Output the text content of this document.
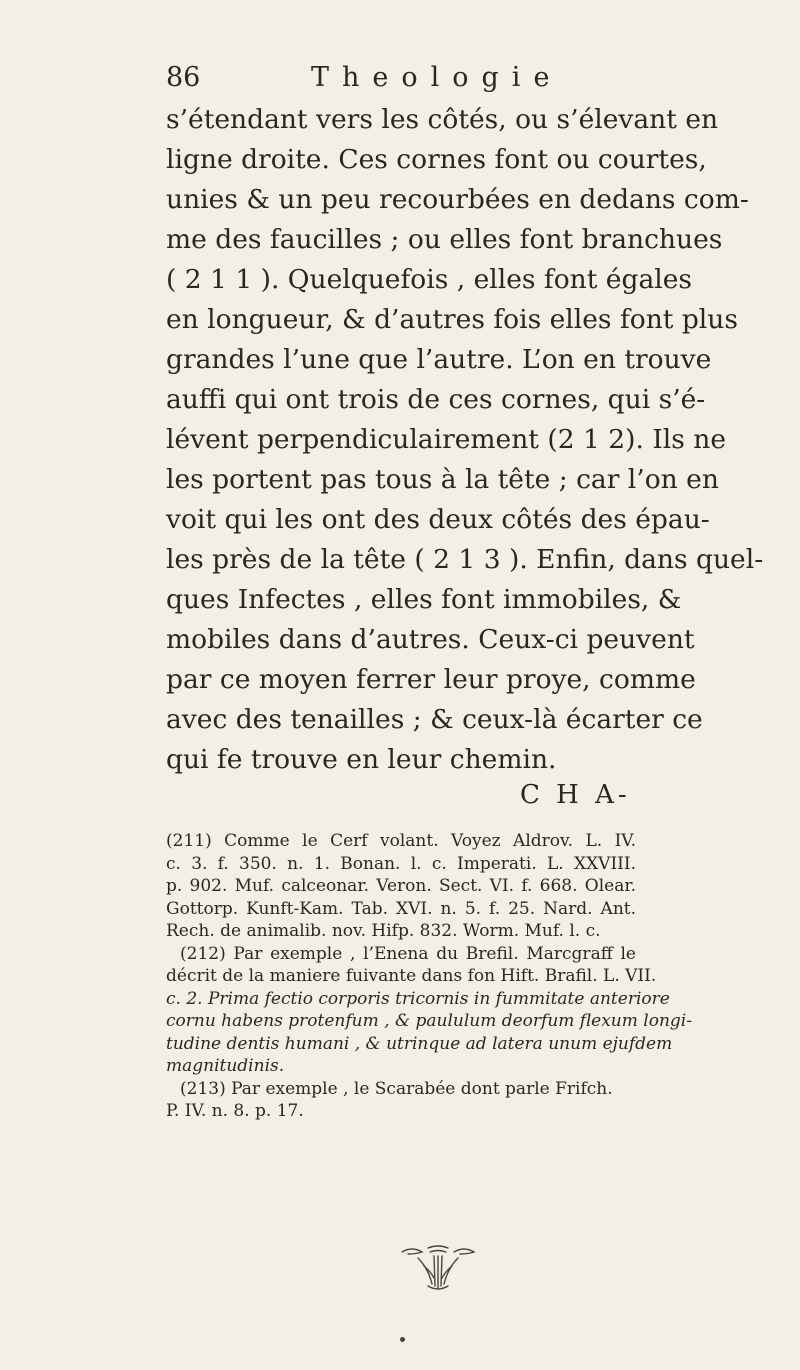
86	Theologie
s’étendant vers les côtés, ou s’élevant en
ligne droite. Ces cornes font ou courtes,
unies & un peu recourbées en dedans com-
me des faucilles ; ou elles font branchues
( 2 1 1 ). Quelquefois , elles font égales
en longueur, & d’autres fois elles font plus
grandes l’une que l’autre. L’on en trouve
auffi qui ont trois de ces cornes, qui s’é-
lévent perpendiculairement (2 1 2). Ils ne
les portent pas tous à la tête ; car l’on en
voit qui les ont des deux côtés des épau-
les près de la tête ( 2 1 3 ). Enfin, dans quel-
ques Infectes , elles font immobiles, &
mobiles dans d’autres. Ceux-ci peuvent
par ce moyen ferrer leur proye, comme
avec des tenailles ; & ceux-là écarter ce
qui fe trouve en leur chemin.
C H A-
(211) Comme le Cerf volant. Voyez Aldrov. L. IV.
c. 3. f. 350. n. 1. Bonan. l. c. Imperati. L. XXVIII.
p. 902. Muf. calceonar. Veron. Sect. VI. f. 668. Olear.
Gottorp. Kunft-Kam. Tab. XVI. n. 5. f. 25. Nard. Ant.
Rech. de animalib. nov. Hifp. 832. Worm. Muf. l. c.
(212) Par exemple , l’Enena du Brefil. Marcgraff le
décrit de la maniere fuivante dans fon Hift. Brafil. L. VII.
c. 2. Prima fectio corporis tricornis in fummitate anteriore
cornu habens protenfum , & paululum deorfum flexum longi-
tudine dentis humani , & utrinque ad latera unum ejufdem
magnitudinis.
(213) Par exemple , le Scarabée dont parle Frifch.
P. IV. n. 8. p. 17.
